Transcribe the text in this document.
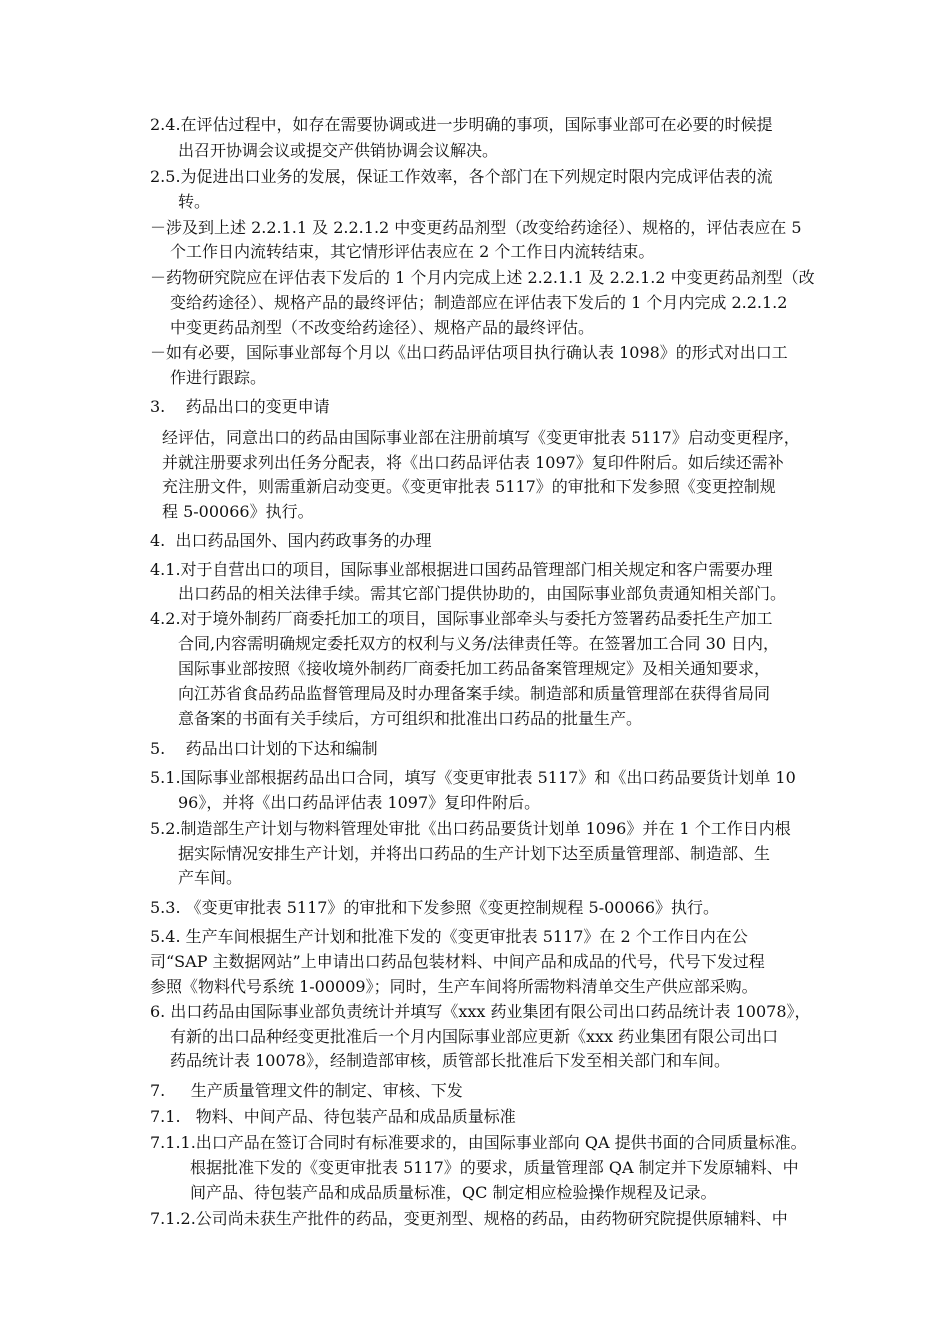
2.4.在评估过程中，如存在需要协调或进一步明确的事项，国际事业部可在必要的时候提
出召开协调会议或提交产供销协调会议解决。
2.5.为促进出口业务的发展，保证工作效率，各个部门在下列规定时限内完成评估表的流
转。
－涉及到上述 2.2.1.1 及 2.2.1.2 中变更药品剂型（改变给药途径）、规格的，评估表应在 5
个工作日内流转结束，其它情形评估表应在 2 个工作日内流转结束。
－药物研究院应在评估表下发后的 1 个月内完成上述 2.2.1.1 及 2.2.1.2 中变更药品剂型（改
变给药途径）、规格产品的最终评估；制造部应在评估表下发后的 1 个月内完成 2.2.1.2
中变更药品剂型（不改变给药途径）、规格产品的最终评估。
－如有必要，国际事业部每个月以《出口药品评估项目执行确认表 1098》的形式对出口工
作进行跟踪。
3.    药品出口的变更申请
经评估，同意出口的药品由国际事业部在注册前填写《变更审批表 5117》启动变更程序，
并就注册要求列出任务分配表，将《出口药品评估表 1097》复印件附后。如后续还需补
充注册文件，则需重新启动变更。《变更审批表 5117》的审批和下发参照《变更控制规
程 5-00066》执行。
4.  出口药品国外、国内药政事务的办理
4.1.对于自营出口的项目，国际事业部根据进口国药品管理部门相关规定和客户需要办理
出口药品的相关法律手续。需其它部门提供协助的，由国际事业部负责通知相关部门。
4.2.对于境外制药厂商委托加工的项目，国际事业部牵头与委托方签署药品委托生产加工
合同,内容需明确规定委托双方的权利与义务/法律责任等。在签署加工合同 30 日内，
国际事业部按照《接收境外制药厂商委托加工药品备案管理规定》及相关通知要求，
向江苏省食品药品监督管理局及时办理备案手续。制造部和质量管理部在获得省局同
意备案的书面有关手续后，方可组织和批准出口药品的批量生产。
5.    药品出口计划的下达和编制
5.1.国际事业部根据药品出口合同，填写《变更审批表 5117》和《出口药品要货计划单 10
96》，并将《出口药品评估表 1097》复印件附后。
5.2.制造部生产计划与物料管理处审批《出口药品要货计划单 1096》并在 1 个工作日内根
据实际情况安排生产计划，并将出口药品的生产计划下达至质量管理部、制造部、生
产车间。
5.3. 《变更审批表 5117》的审批和下发参照《变更控制规程 5-00066》执行。
5.4. 生产车间根据生产计划和批准下发的《变更审批表 5117》在 2 个工作日内在公
司“SAP 主数据网站”上申请出口药品包装材料、中间产品和成品的代号，代号下发过程
参照《物料代号系统 1-00009》；同时，生产车间将所需物料清单交生产供应部采购。
6. 出口药品由国际事业部负责统计并填写《xxx 药业集团有限公司出口药品统计表 10078》，
有新的出口品种经变更批准后一个月内国际事业部应更新《xxx 药业集团有限公司出口
药品统计表 10078》，经制造部审核，质管部长批准后下发至相关部门和车间。
7.     生产质量管理文件的制定、审核、下发
7.1.   物料、中间产品、待包装产品和成品质量标准
7.1.1.出口产品在签订合同时有标准要求的，由国际事业部向 QA 提供书面的合同质量标准。
根据批准下发的《变更审批表 5117》的要求，质量管理部 QA 制定并下发原辅料、中
间产品、待包装产品和成品质量标准，QC 制定相应检验操作规程及记录。
7.1.2.公司尚未获生产批件的药品，变更剂型、规格的药品，由药物研究院提供原辅料、中
